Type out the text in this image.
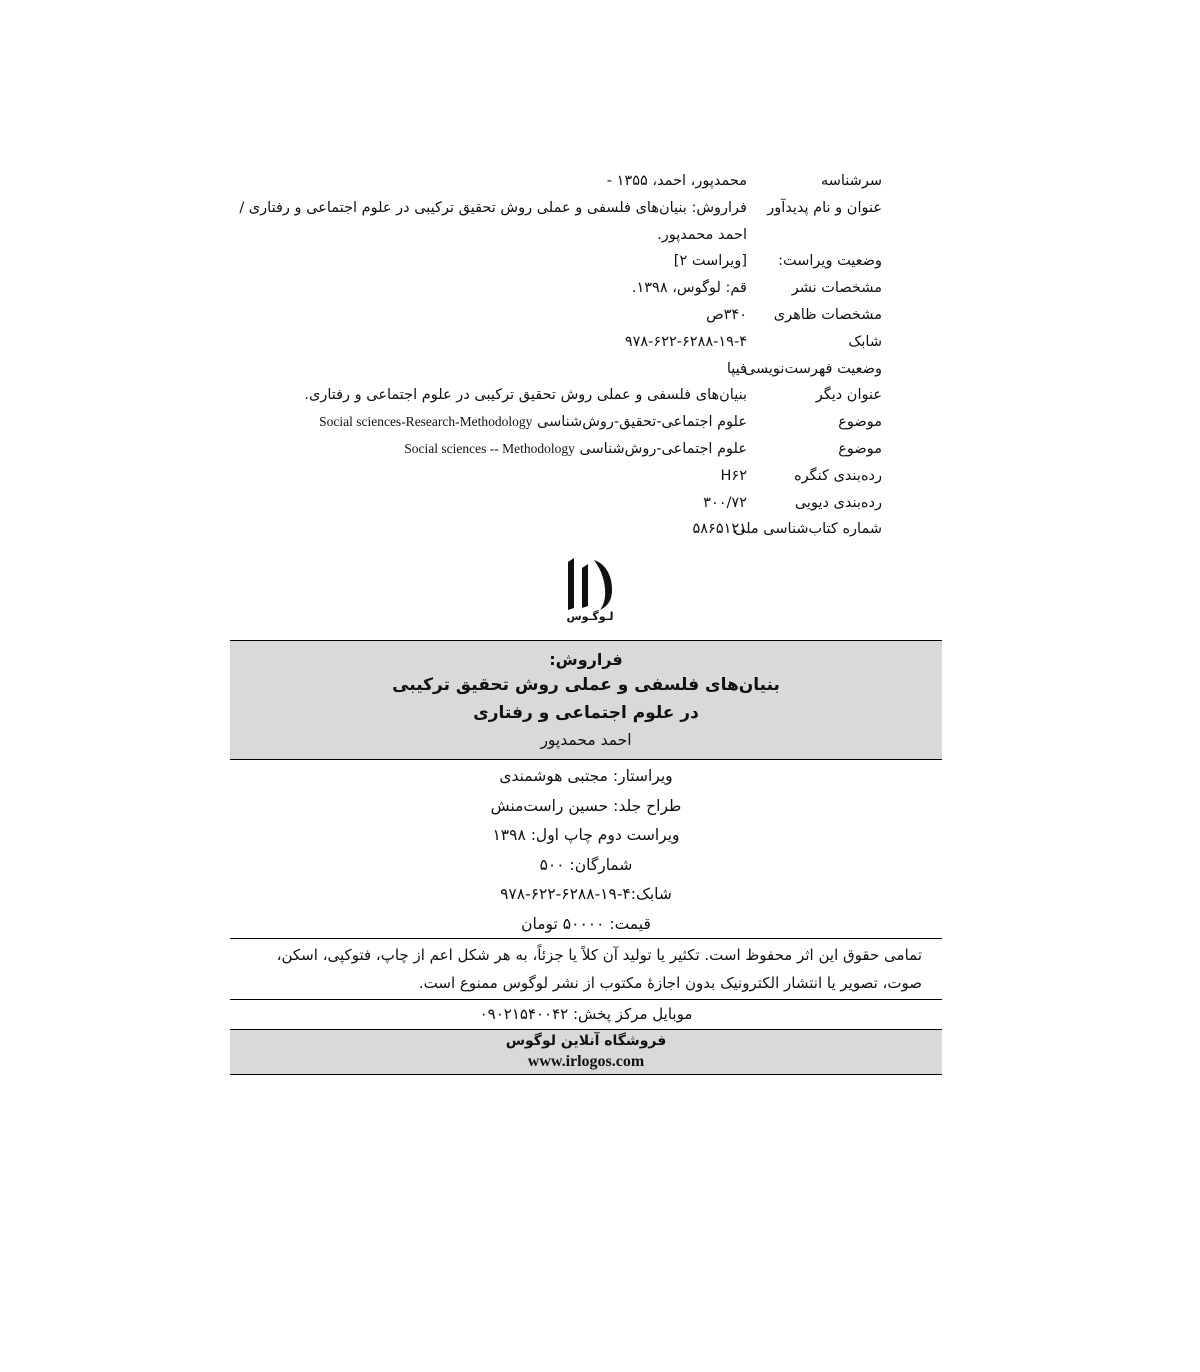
سرشناسه
محمدپور، احمد، ۱۳۵۵ -
عنوان و نام پدیدآور
فراروش: بنیان‌های فلسفی و عملی روش تحقیق ترکیبی در علوم اجتماعی و رفتاری / احمد محمدپور.
وضعیت ویراست:
[ویراست ۲]
مشخصات نشر
قم: لوگوس، ۱۳۹۸.
مشخصات ظاهری
۳۴۰ص
شابک
۹۷۸-۶۲۲-۶۲۸۸-۱۹-۴
وضعیت فهرست‌نویسی
فیپا
عنوان دیگر
بنیان‌های فلسفی و عملی روش تحقیق ترکیبی در علوم اجتماعی و رفتاری.
موضوع
علوم اجتماعی-تحقیق-روش‌شناسی Social sciences-Research-Methodology
موضوع
علوم اجتماعی-روش‌شناسی Social sciences -- Methodology
رده‌بندی کنگره
H۶۲
رده‌بندی دیویی
۳۰۰/۷۲
شماره کتاب‌شناسی ملی
۵۸۶۵۱۲۱
لـوگـوس
فراروش:
بنیان‌های فلسفی و عملی روش تحقیق ترکیبی
در علوم اجتماعی و رفتاری
احمد محمدپور
ویراستار: مجتبی هوشمندی
طراح جلد: حسین راست‌منش
ویراست دوم چاپ اول: ۱۳۹۸
شمارگان: ۵۰۰
شابک:۴-۱۹-۶۲۸۸-۶۲۲-۹۷۸
قیمت: ۵۰۰۰۰ تومان
تمامی حقوق این اثر محفوظ است. تکثیر یا تولید آن کلاً یا جزئاً، به هر شکل اعم از چاپ، فتوکپی، اسکن،
صوت، تصویر یا انتشار الکترونیک بدون اجازهٔ مکتوب از نشر لوگوس ممنوع است.
موبایل مرکز پخش: ۰۹۰۲۱۵۴۰۰۴۲
فروشگاه آنلاین لوگوس
www.irlogos.com
